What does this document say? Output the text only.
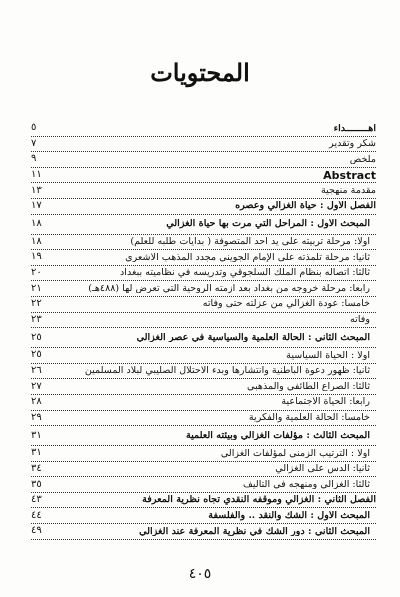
المحتويات
اهــــــــداء
٥
شكر وتقدير
٧
ملخص
٩
Abstract
١١
مقدمة منهجية
١٣
الفصل الأول : حياة الغزالي وعصره
١٧
المبحث الأول : المراحل التي مرت بها حياة الغزالي
١٨
أولاً: مرحلة تربيته على يد أحد المتصوفة ( بدايات طلبه للعلم)
١٨
ثانياً: مرحلة تلمذته على الإمام الجويني مجدد المذهب الأشعري
١٩
ثالثاً: اتصاله بنظام الملك السلجوقي وتدريسه في نظاميته ببغداد
٢٠
رابعاً: مرحلة خروجه من بغداد بعد أزمته الروحية التي تعرض لها (٤٨٨هـ)
٢١
خامساً: عودة الغزالي من عزلته حتى وفاته
٢٢
وفاته
٢٣
المبحث الثاني : الحالة العلمية والسياسية في عصر الغزالي
٢٥
أولاً : الحياة السياسية
٢٥
ثانياً: ظهور دعوة الباطنية وانتشارها وبدء الاحتلال الصليبي لبلاد المسلمين
٢٦
ثالثاً: الصراع الطائفي والمذهبي
٢٧
رابعاً: الحياة الاجتماعية
٢٨
خامساً: الحالة العلمية والفكرية
٢٩
المبحث الثالث : مؤلفات الغزالي وبيئته العلمية
٣١
أولاً : الترتيب الزمني لمؤلفات الغزالي
٣١
ثانياً: الدس على الغزالي
٣٤
ثالثاً: الغزالي ومنهجه في التأليف
٣٥
الفصل الثاني : الغزالي وموقفه النقدي تجاه نظرية المعرفة
٤٣
المبحث الأول : الشك والنقد .. والفلسفة
٤٤
المبحث الثاني : دور الشك في نظرية المعرفة عند الغزالي
٤٩
٤٠٥
